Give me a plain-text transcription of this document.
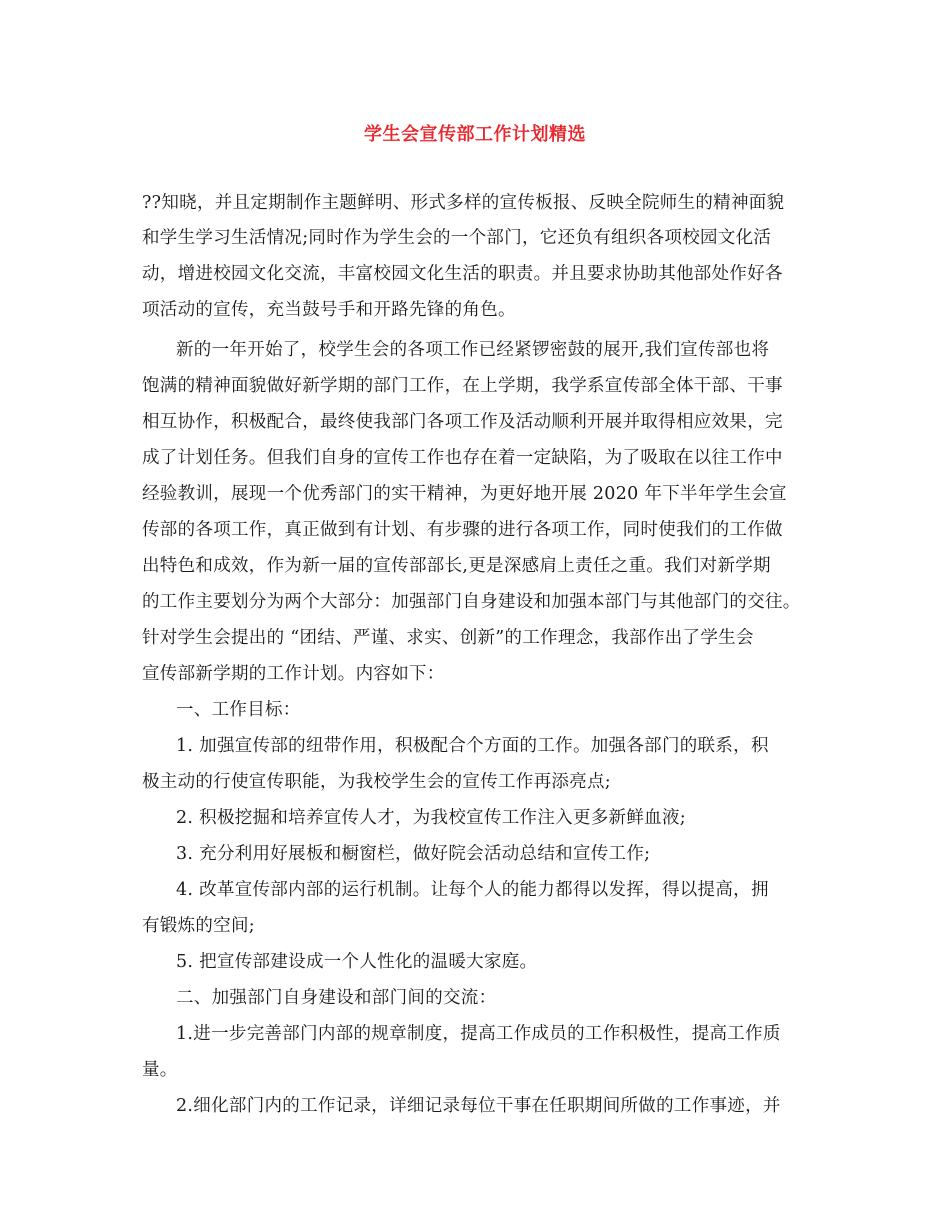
学生会宣传部工作计划精选
??知晓，并且定期制作主题鲜明、形式多样的宣传板报、反映全院师生的精神面貌
和学生学习生活情况;同时作为学生会的一个部门，它还负有组织各项校园文化活
动，增进校园文化交流，丰富校园文化生活的职责。并且要求协助其他部处作好各
项活动的宣传，充当鼓号手和开路先锋的角色。
新的一年开始了，校学生会的各项工作已经紧锣密鼓的展开,我们宣传部也将
饱满的精神面貌做好新学期的部门工作，在上学期，我学系宣传部全体干部、干事
相互协作，积极配合，最终使我部门各项工作及活动顺利开展并取得相应效果，完
成了计划任务。但我们自身的宣传工作也存在着一定缺陷，为了吸取在以往工作中
经验教训，展现一个优秀部门的实干精神，为更好地开展 2020 年下半年学生会宣
传部的各项工作，真正做到有计划、有步骤的进行各项工作，同时使我们的工作做
出特色和成效，作为新一届的宣传部部长,更是深感肩上责任之重。我们对新学期
的工作主要划分为两个大部分：加强部门自身建设和加强本部门与其他部门的交往。
针对学生会提出的 “团结、严谨、求实、创新”的工作理念，我部作出了学生会
宣传部新学期的工作计划。内容如下：
一、工作目标：
1. 加强宣传部的纽带作用，积极配合个方面的工作。加强各部门的联系，积
极主动的行使宣传职能，为我校学生会的宣传工作再添亮点;
2. 积极挖掘和培养宣传人才，为我校宣传工作注入更多新鲜血液;
3. 充分利用好展板和橱窗栏，做好院会活动总结和宣传工作;
4. 改革宣传部内部的运行机制。让每个人的能力都得以发挥，得以提高，拥
有锻炼的空间;
5. 把宣传部建设成一个人性化的温暖大家庭。
二、加强部门自身建设和部门间的交流：
1.进一步完善部门内部的规章制度，提高工作成员的工作积极性，提高工作质
量。
2.细化部门内的工作记录，详细记录每位干事在任职期间所做的工作事迹，并
